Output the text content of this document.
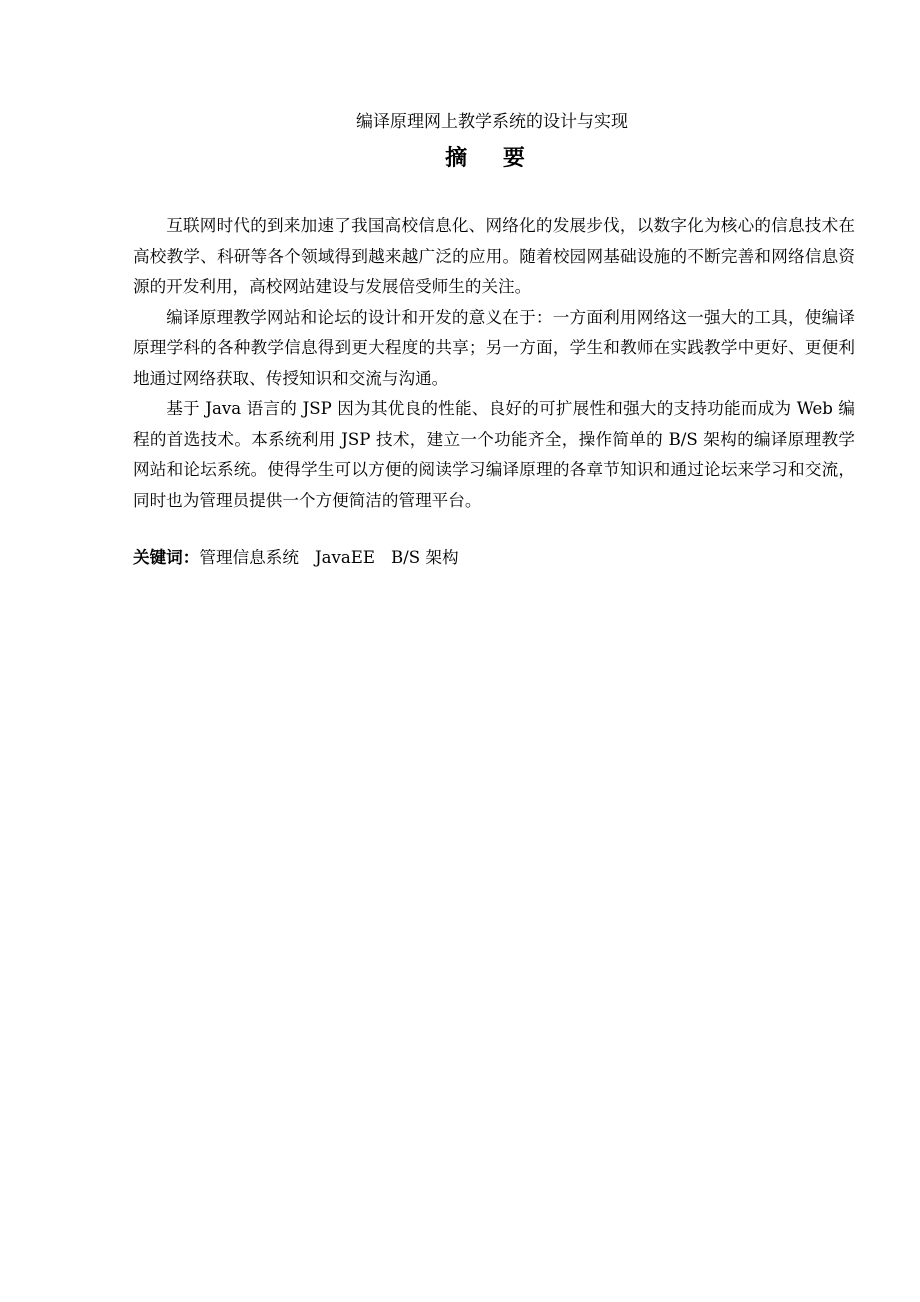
编译原理网上教学系统的设计与实现
摘 要

互联网时代的到来加速了我国高校信息化、网络化的发展步伐，以数字化为核心的信息技术在高校教学、科研等各个领域得到越来越广泛的应用。随着校园网基础设施的不断完善和网络信息资源的开发利用，高校网站建设与发展倍受师生的关注。

编译原理教学网站和论坛的设计和开发的意义在于：一方面利用网络这一强大的工具，使编译原理学科的各种教学信息得到更大程度的共享；另一方面，学生和教师在实践教学中更好、更便利地通过网络获取、传授知识和交流与沟通。

基于 Java 语言的 JSP 因为其优良的性能、良好的可扩展性和强大的支持功能而成为 Web 编程的首选技术。本系统利用 JSP 技术，建立一个功能齐全，操作简单的 B/S 架构的编译原理教学网站和论坛系统。使得学生可以方便的阅读学习编译原理的各章节知识和通过论坛来学习和交流，同时也为管理员提供一个方便简洁的管理平台。

关键词：管理信息系统 JavaEE B/S 架构
